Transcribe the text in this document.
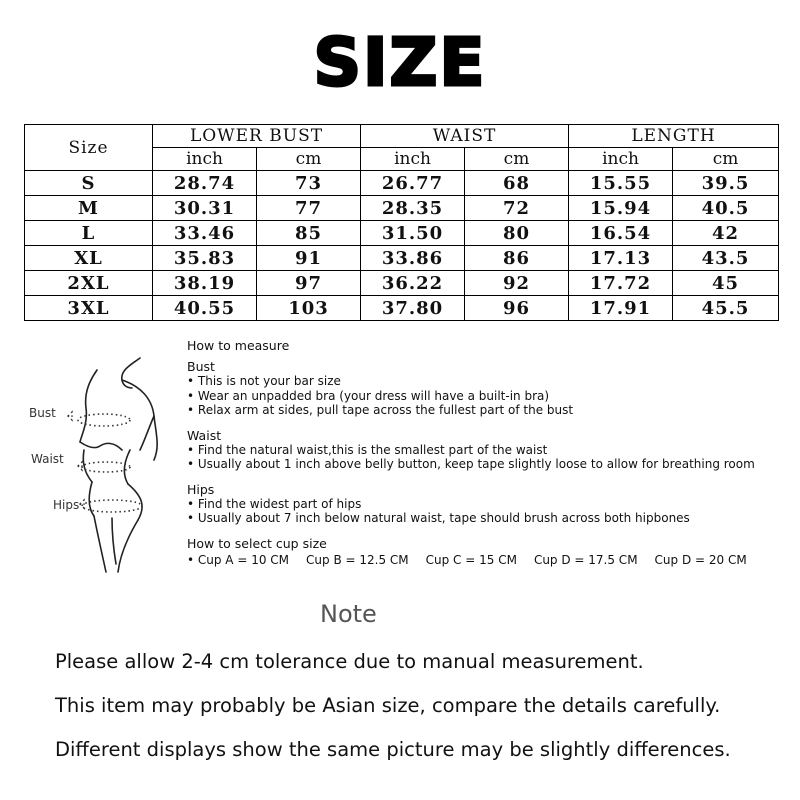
SIZE
Size	LOWER BUST		WAIST		LENGTH	
	inch	cm	inch	cm	inch	cm
S	28.74	73	26.77	68	15.55	39.5
M	30.31	77	28.35	72	15.94	40.5
L	33.46	85	31.50	80	16.54	42
XL	35.83	91	33.86	86	17.13	43.5
2XL	38.19	97	36.22	92	17.72	45
3XL	40.55	103	37.80	96	17.91	45.5
Bust
Waist
Hips

How to measure

Bust

• This is not your bar size

• Wear an unpadded bra (your dress will have a built-in bra)

• Relax arm at sides, pull tape across the fullest part of the bust

Waist

• Find the natural waist,this is the smallest part of the waist

• Usually about 1 inch above belly button, keep tape slightly loose to allow for breathing room

Hips

• Find the widest part of hips

• Usually about 7 inch below natural waist, tape should brush across both hipbones

How to select cup size

• Cup A = 10 CM Cup B = 12.5 CM Cup C = 15 CM Cup D = 17.5 CM Cup D = 20 CM
Note
Please allow 2-4 cm tolerance due to manual measurement.
This item may probably be Asian size, compare the details carefully.
Different displays show the same picture may be slightly differences.
